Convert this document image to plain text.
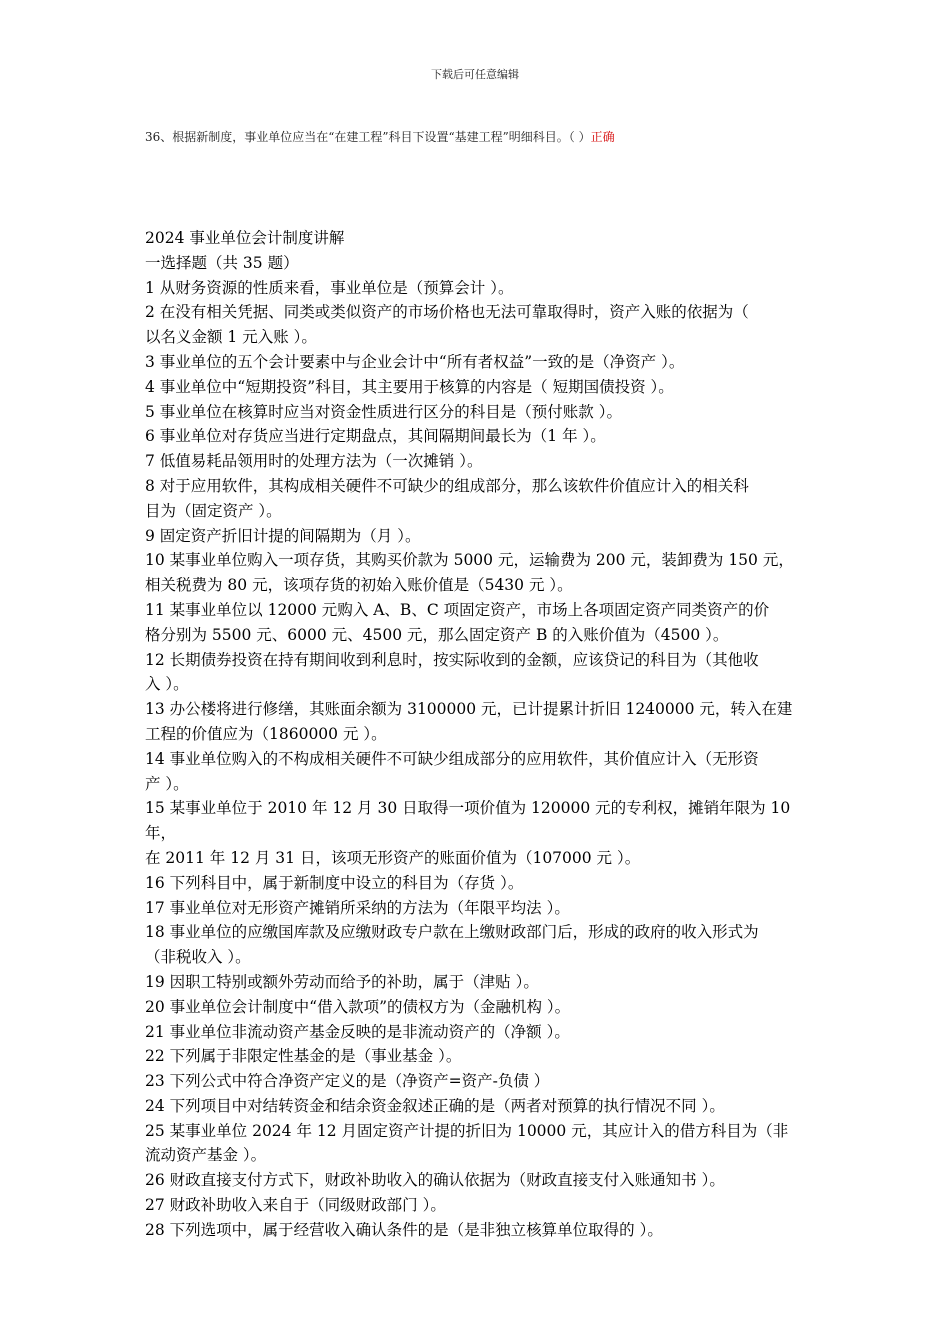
下载后可任意编辑
36、根据新制度，事业单位应当在“在建工程”科目下设置“基建工程”明细科目。（ ）正确
2024 事业单位会计制度讲解
一选择题（共 35 题）
1 从财务资源的性质来看，事业单位是（预算会计 ）。
2 在没有相关凭据、同类或类似资产的市场价格也无法可靠取得时，资产入账的依据为（
以名义金额 1 元入账 ）。
3 事业单位的五个会计要素中与企业会计中“所有者权益”一致的是（净资产 ）。
4 事业单位中“短期投资”科目，其主要用于核算的内容是（ 短期国债投资 ）。
5 事业单位在核算时应当对资金性质进行区分的科目是（预付账款 ）。
6 事业单位对存货应当进行定期盘点，其间隔期间最长为（1 年 ）。
7 低值易耗品领用时的处理方法为（一次摊销 ）。
8 对于应用软件，其构成相关硬件不可缺少的组成部分，那么该软件价值应计入的相关科
目为（固定资产 ）。
9 固定资产折旧计提的间隔期为（月 ）。
10 某事业单位购入一项存货，其购买价款为 5000 元，运输费为 200 元，装卸费为 150 元，
相关税费为 80 元，该项存货的初始入账价值是（5430 元 ）。
11 某事业单位以 12000 元购入 A、B、C 项固定资产，市场上各项固定资产同类资产的价
格分别为 5500 元、6000 元、4500 元，那么固定资产 B 的入账价值为（4500 ）。
12 长期债券投资在持有期间收到利息时，按实际收到的金额，应该贷记的科目为（其他收
入 ）。
13 办公楼将进行修缮，其账面余额为 3100000 元，已计提累计折旧 1240000 元，转入在建
工程的价值应为（1860000 元 ）。
14 事业单位购入的不构成相关硬件不可缺少组成部分的应用软件，其价值应计入（无形资
产 ）。
15 某事业单位于 2010 年 12 月 30 日取得一项价值为 120000 元的专利权，摊销年限为 10 年，
在 2011 年 12 月 31 日，该项无形资产的账面价值为（107000 元 ）。
16 下列科目中，属于新制度中设立的科目为（存货 ）。
17 事业单位对无形资产摊销所采纳的方法为（年限平均法 ）。
18 事业单位的应缴国库款及应缴财政专户款在上缴财政部门后，形成的政府的收入形式为
（非税收入 ）。
19 因职工特别或额外劳动而给予的补助，属于（津贴 ）。
20 事业单位会计制度中“借入款项”的债权方为（金融机构 ）。
21 事业单位非流动资产基金反映的是非流动资产的（净额 ）。
22 下列属于非限定性基金的是（事业基金 ）。
23 下列公式中符合净资产定义的是（净资产=资产-负债 ）
24 下列项目中对结转资金和结余资金叙述正确的是（两者对预算的执行情况不同 ）。
25 某事业单位 2024 年 12 月固定资产计提的折旧为 10000 元，其应计入的借方科目为（非
流动资产基金 ）。
26 财政直接支付方式下，财政补助收入的确认依据为（财政直接支付入账通知书 ）。
27 财政补助收入来自于（同级财政部门 ）。
28 下列选项中，属于经营收入确认条件的是（是非独立核算单位取得的 ）。
